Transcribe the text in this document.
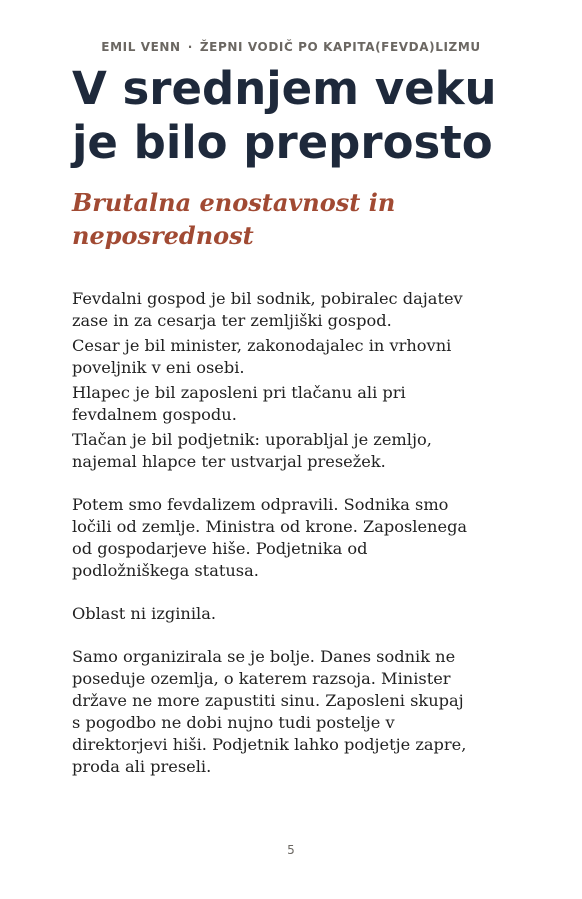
EMIL VENN · ŽEPNI VODIČ PO KAPITA(FEVDA)LIZMU
V srednjem veku
je bilo preprosto
Brutalna enostavnost in
neposrednost

Fevdalni gospod je bil sodnik, pobiralec dajatev
zase in za cesarja ter zemljiški gospod.

Cesar je bil minister, zakonodajalec in vrhovni
poveljnik v eni osebi.

Hlapec je bil zaposleni pri tlačanu ali pri
fevdalnem gospodu.

Tlačan je bil podjetnik: uporabljal je zemljo,
najemal hlapce ter ustvarjal presežek.

Potem smo fevdalizem odpravili. Sodnika smo
ločili od zemlje. Ministra od krone. Zaposlenega
od gospodarjeve hiše. Podjetnika od
podložniškega statusa.

Oblast ni izginila.

Samo organizirala se je bolje. Danes sodnik ne
poseduje ozemlja, o katerem razsoja. Minister
države ne more zapustiti sinu. Zaposleni skupaj
s pogodbo ne dobi nujno tudi postelje v
direktorjevi hiši. Podjetnik lahko podjetje zapre,
proda ali preseli.

5
